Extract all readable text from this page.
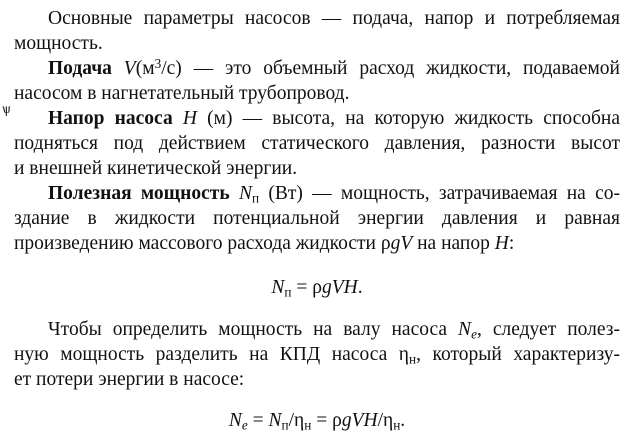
ѱ
Основные параметры насосов — подача, напор и потребляемая
мощность.
Подача $V(м^3/с)$ — это объемный расход жидкости, подаваемой
насосом в нагнетательный трубопровод.
Напор насоса H (м) — высота, на которую жидкость способна
подняться под действием статического давления, разности высот
и внешней кинетической энергии.
Полезная мощность $N_п$ (Вт) — мощность, затрачиваемая на со-
здание в жидкости потенциальной энергии давления и равная
произведению массового расхода жидкости ρgV на напор H:
$N_п = \rho gVH$.
Чтобы определить мощность на валу насоса $N_e$, следует полез-
ную мощность разделить на КПД насоса $\eta_н$, который характеризу-
ет потери энергии в насосе:
$N_e = N_п/\eta_н = \rho gVH/\eta_н$.
